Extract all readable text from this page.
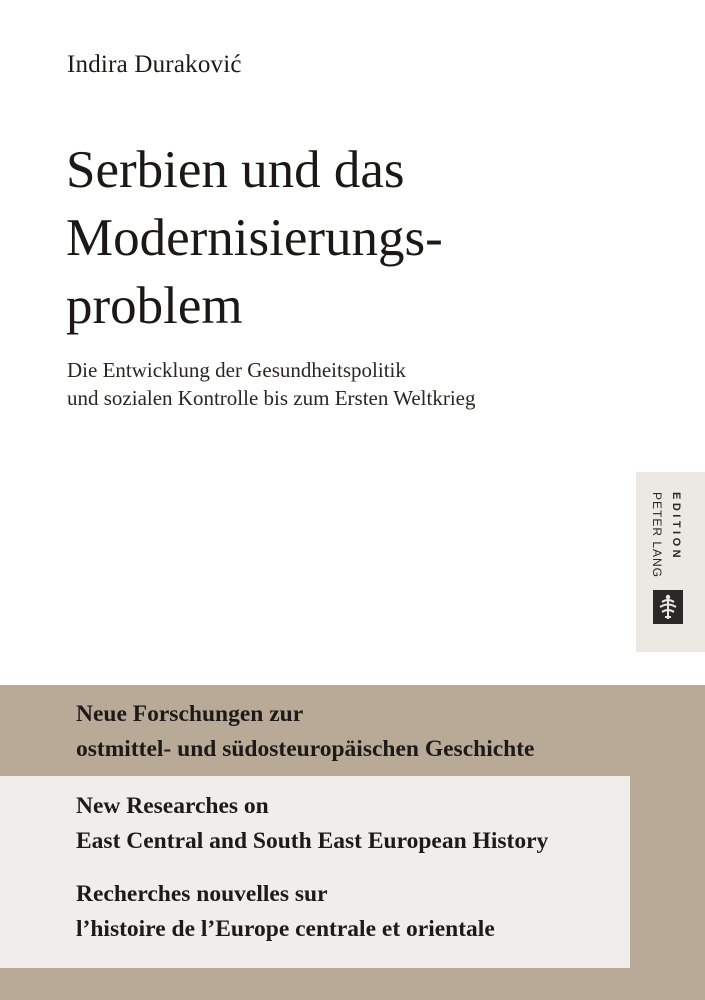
Indira Duraković
Serbien und das
Modernisierungs-
problem
Die Entwicklung der Gesundheitspolitik
und sozialen Kontrolle bis zum Ersten Weltkrieg
PETER LANG EDITION
Neue Forschungen zur
ostmittel- und südosteuropäischen Geschichte
New Researches on
East Central and South East European History
Recherches nouvelles sur
l’histoire de l’Europe centrale et orientale
